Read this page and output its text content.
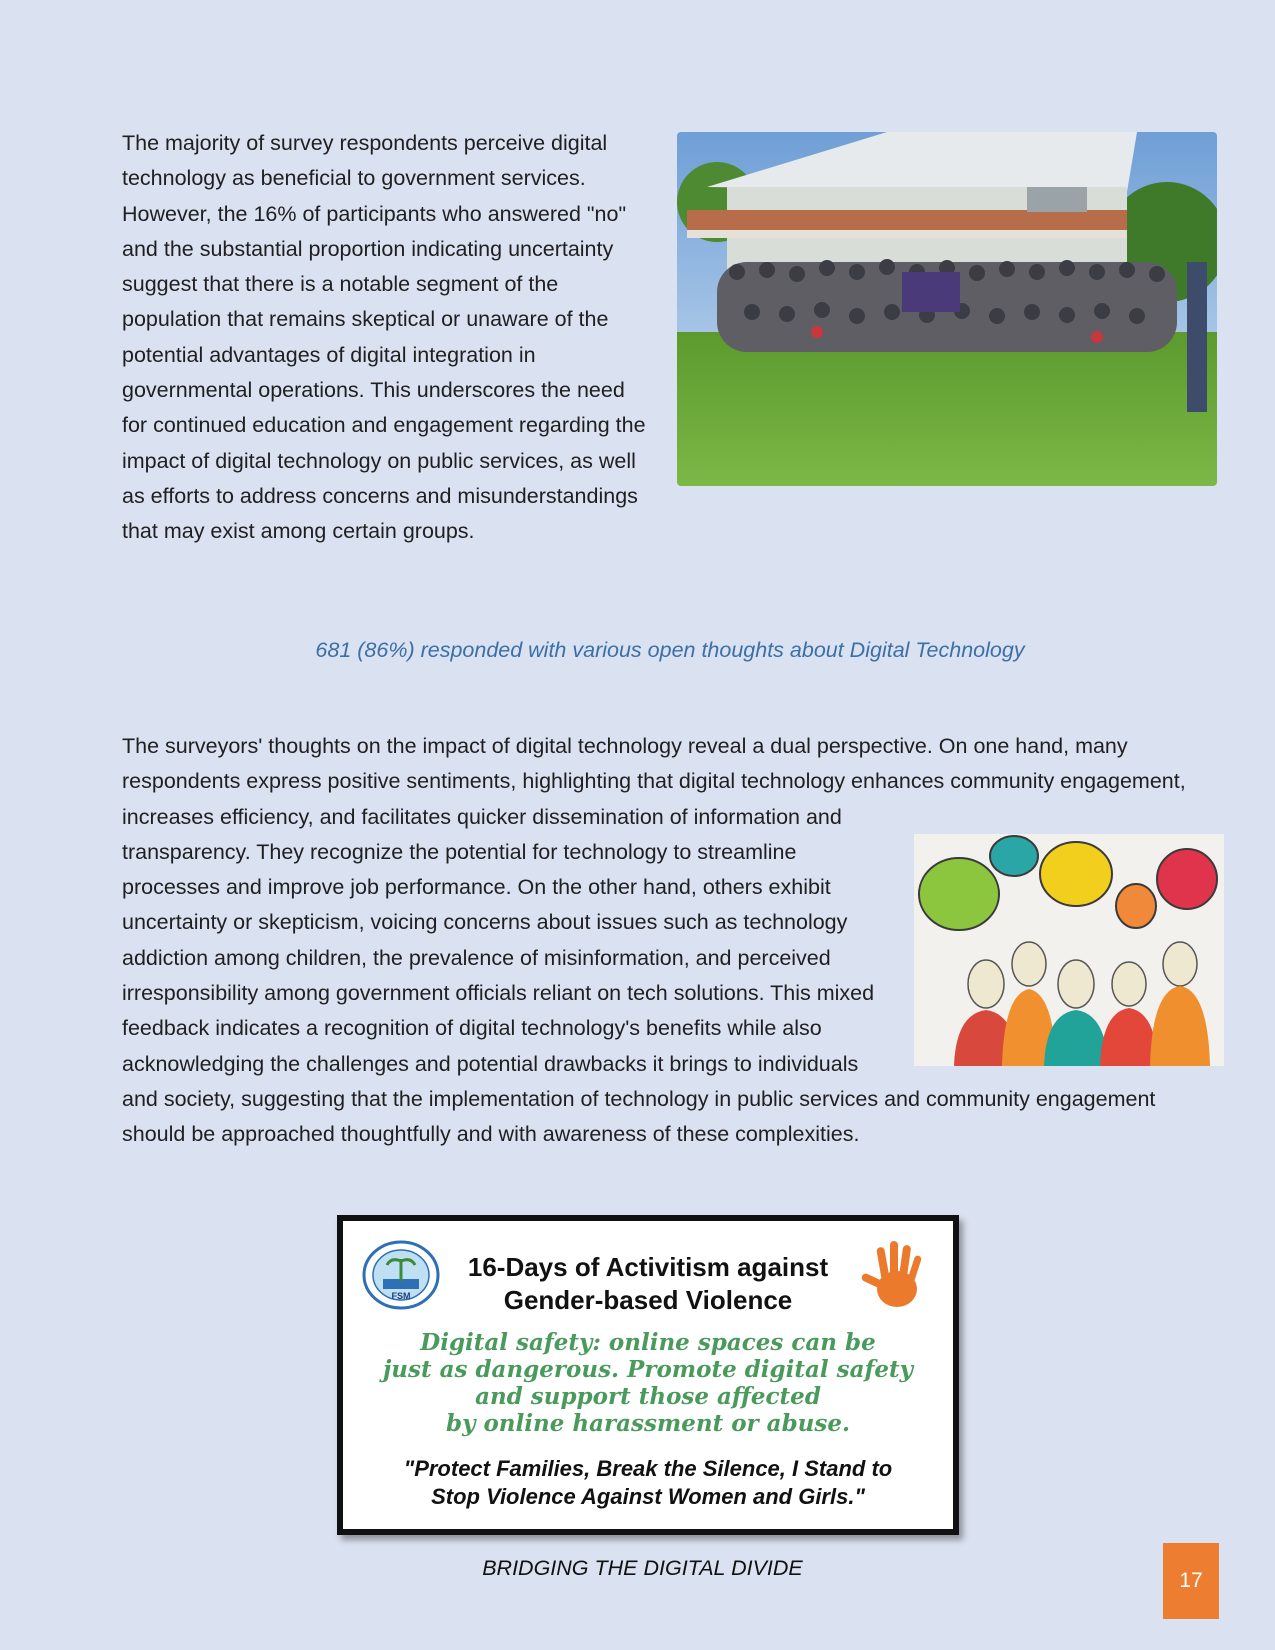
The majority of survey respondents perceive digital technology as beneficial to government services. However, the 16% of participants who answered "no" and the substantial proportion indicating uncertainty suggest that there is a notable segment of the population that remains skeptical or unaware of the potential advantages of digital integration in governmental operations. This underscores the need for continued education and engagement regarding the impact of digital technology on public services, as well as efforts to address concerns and misunderstandings that may exist among certain groups.

681 (86%) responded with various open thoughts about Digital Technology

The surveyors' thoughts on the impact of digital technology reveal a dual perspective. On one hand, many respondents express positive sentiments, highlighting that digital technology enhances community engagement, increases efficiency, and facilitates quicker dissemination of information and transparency. They recognize the potential for technology to streamline processes and improve job performance. On the other hand, others exhibit uncertainty or skepticism, voicing concerns about issues such as technology addiction among children, the prevalence of misinformation, and perceived irresponsibility among government officials reliant on tech solutions. This mixed feedback indicates a recognition of digital technology's benefits while also acknowledging the challenges and potential drawbacks it brings to individuals and society, suggesting that the implementation of technology in public services and community engagement should be approached thoughtfully and with awareness of these complexities.

FSM
16-Days of Activitism against
Gender-based Violence
Digital safety: online spaces can be
just as dangerous. Promote digital safety
and support those affected
by online harassment or abuse.
"Protect Families, Break the Silence, I Stand to
Stop Violence Against Women and Girls."
BRIDGING THE DIGITAL DIVIDE
17
